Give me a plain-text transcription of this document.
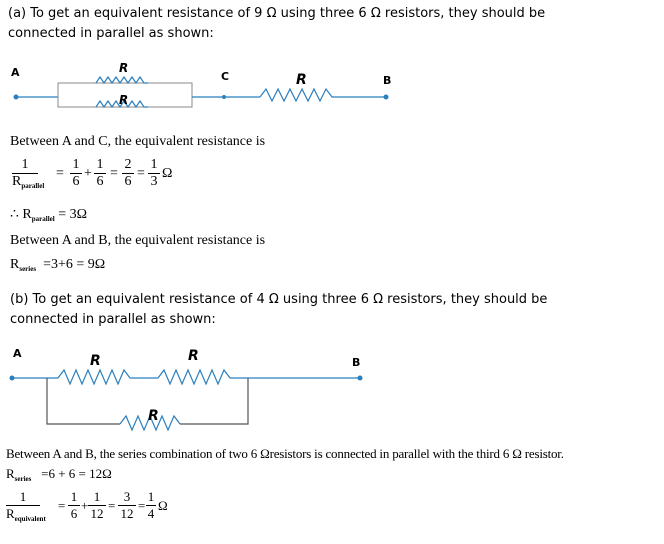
(a) To get an equivalent resistance of 9 Ω using three 6 Ω resistors, they should be
connected in parallel as shown:
A	C	B
R
R
R
Between A and C, the equivalent resistance is
1
$R_{parallel}$
=
1
6
+
1
6
=
2
6
=
1
3
Ω
∴ $R_{parallel} = 3\Omega$
Between A and B, the equivalent resistance is
$R_{series} =3+6 = 9\Omega$
(b) To get an equivalent resistance of 4 Ω using three 6 Ω resistors, they should be
connected in parallel as shown:
A
B
R	R
R
Between A and B, the series combination of two 6 Ωresistors is connected in parallel with the third 6 Ω resistor.
$R_{series} =6 + 6 = 12\Omega$
1
$R_{equivalent}$
=
1
6
+
1
12
=
3
12
=
1
4
Ω
